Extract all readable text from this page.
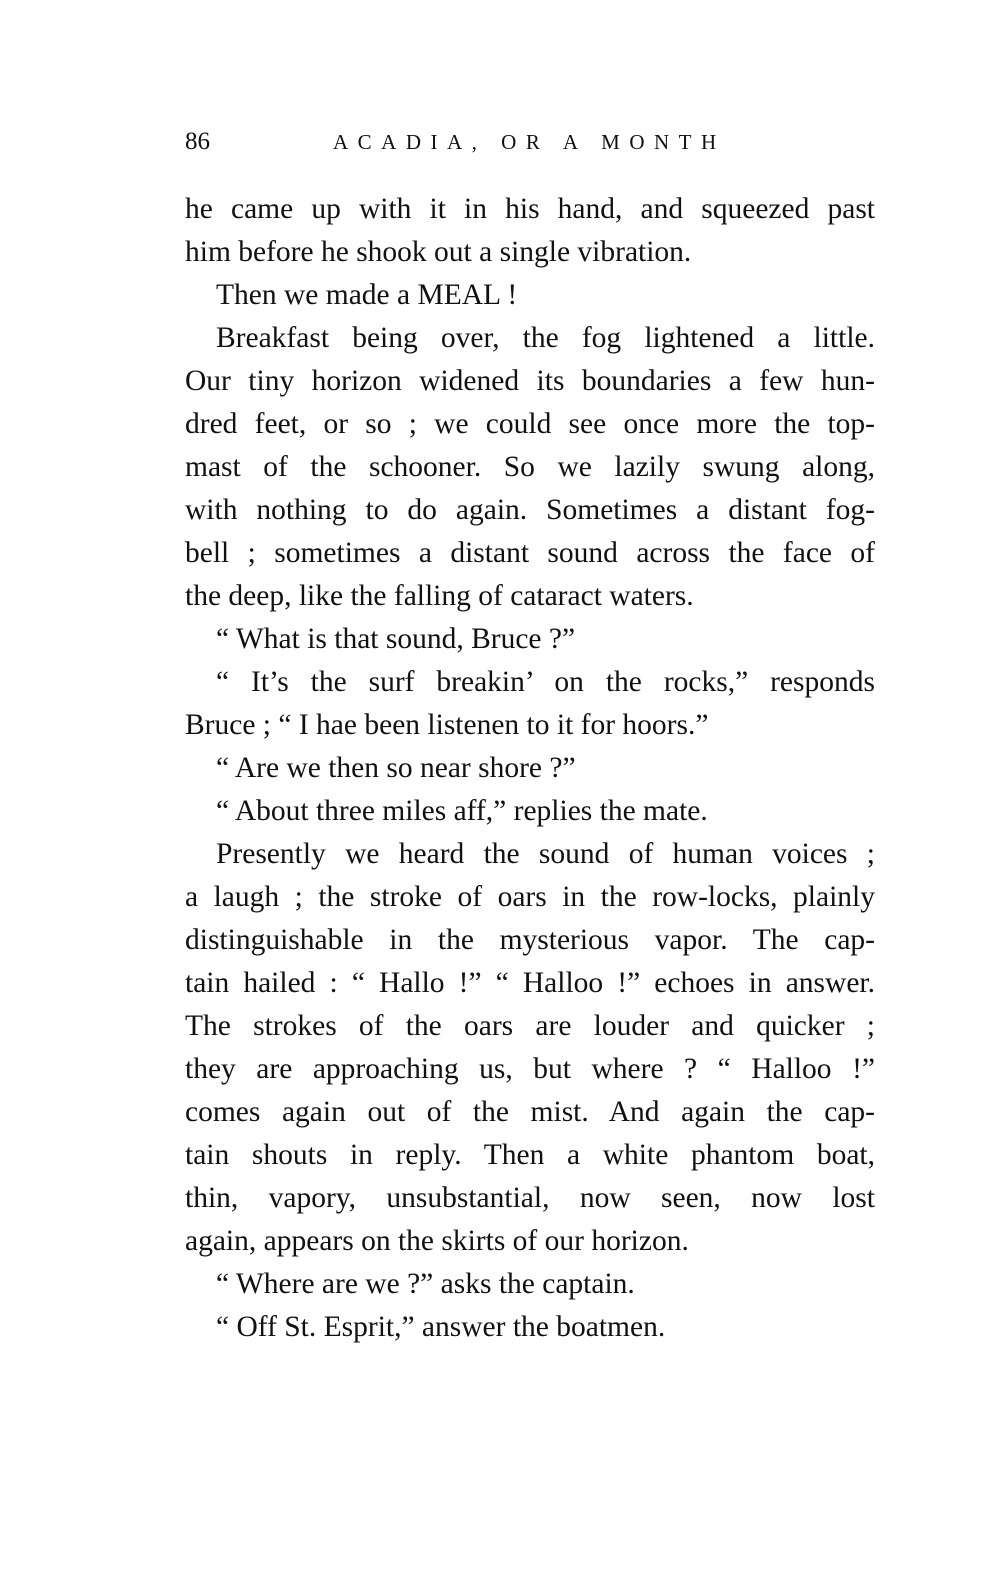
86	ACADIA, OR A MONTH
he came up with it in his hand, and squeezed past
him before he shook out a single vibration.
Then we made a MEAL !
Breakfast being over, the fog lightened a little.
Our tiny horizon widened its boundaries a few hun-
dred feet, or so ; we could see once more the top-
mast of the schooner. So we lazily swung along,
with nothing to do again. Sometimes a distant fog-
bell ; sometimes a distant sound across the face of
the deep, like the falling of cataract waters.
“ What is that sound, Bruce ?”
“ It’s the surf breakin’ on the rocks,” responds
Bruce ; “ I hae been listenen to it for hoors.”
“ Are we then so near shore ?”
“ About three miles aff,” replies the mate.
Presently we heard the sound of human voices ;
a laugh ; the stroke of oars in the row-locks, plainly
distinguishable in the mysterious vapor. The cap-
tain hailed : “ Hallo !” “ Halloo !” echoes in answer.
The strokes of the oars are louder and quicker ;
they are approaching us, but where ? “ Halloo !”
comes again out of the mist. And again the cap-
tain shouts in reply. Then a white phantom boat,
thin, vapory, unsubstantial, now seen, now lost
again, appears on the skirts of our horizon.
“ Where are we ?” asks the captain.
“ Off St. Esprit,” answer the boatmen.
